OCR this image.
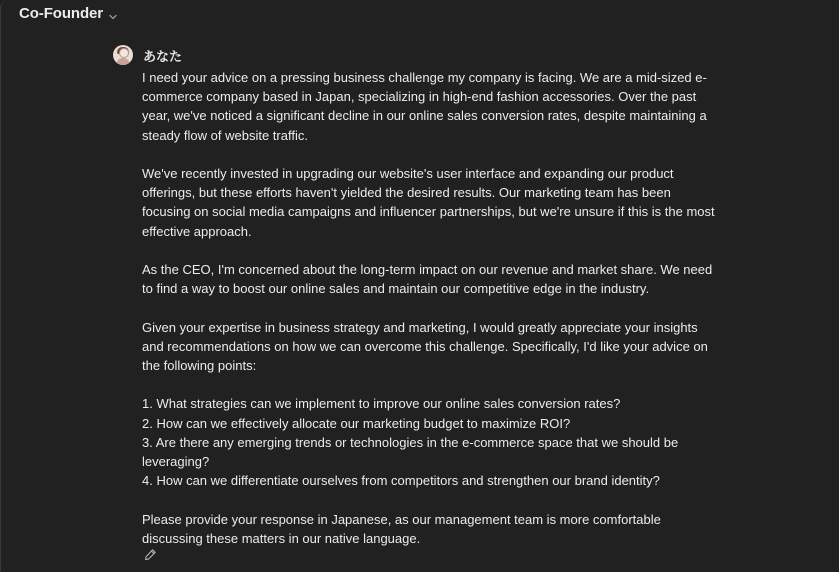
Co-Founder
あなた

I need your advice on a pressing business challenge my company is facing. We are a mid-sized e-commerce company based in Japan, specializing in high-end fashion accessories. Over the past year, we've noticed a significant decline in our online sales conversion rates, despite maintaining a steady flow of website traffic.

We've recently invested in upgrading our website's user interface and expanding our product offerings, but these efforts haven't yielded the desired results. Our marketing team has been focusing on social media campaigns and influencer partnerships, but we're unsure if this is the most effective approach.

As the CEO, I'm concerned about the long-term impact on our revenue and market share. We need to find a way to boost our online sales and maintain our competitive edge in the industry.

Given your expertise in business strategy and marketing, I would greatly appreciate your insights and recommendations on how we can overcome this challenge. Specifically, I'd like your advice on the following points:

1. What strategies can we implement to improve our online sales conversion rates?
2. How can we effectively allocate our marketing budget to maximize ROI?
3. Are there any emerging trends or technologies in the e-commerce space that we should be leveraging?
4. How can we differentiate ourselves from competitors and strengthen our brand identity?

Please provide your response in Japanese, as our management team is more comfortable discussing these matters in our native language.
